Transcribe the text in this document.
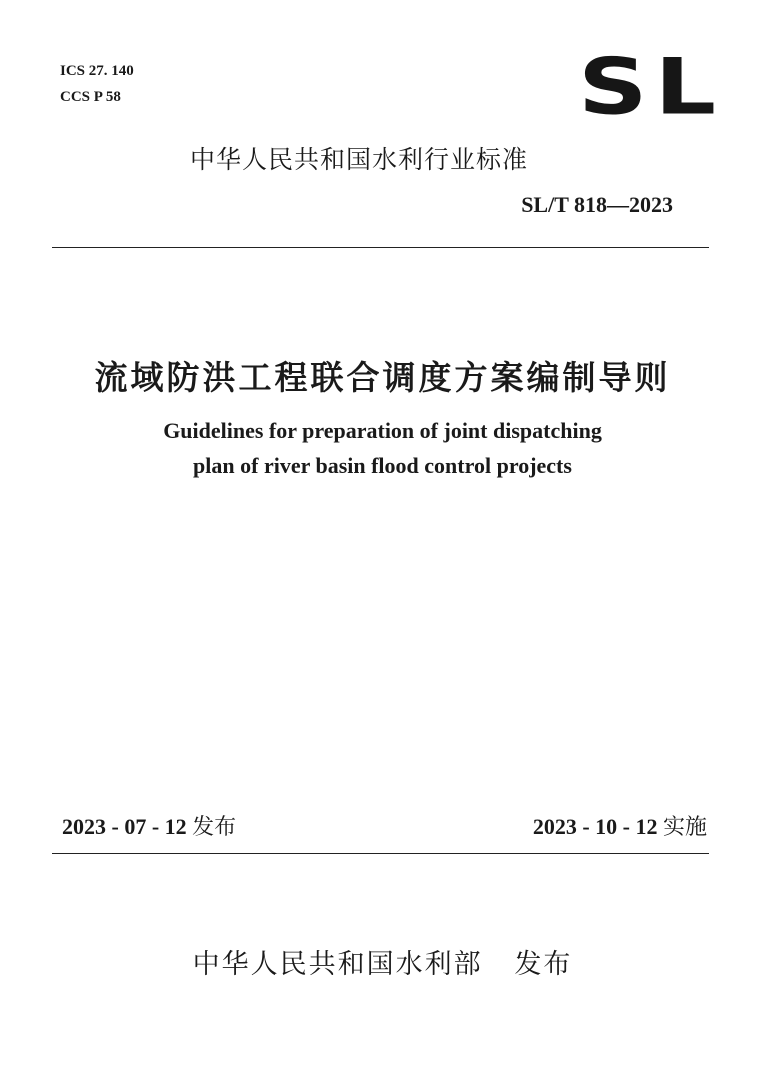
ICS 27. 140
CCS P 58	SL
中华人民共和国水利行业标准
SL/T 818—2023
流域防洪工程联合调度方案编制导则
Guidelines for preparation of joint dispatching
plan of river basin flood control projects
2023 - 07 - 12 发布	2023 - 10 - 12 实施
中华人民共和国水利部   发布
